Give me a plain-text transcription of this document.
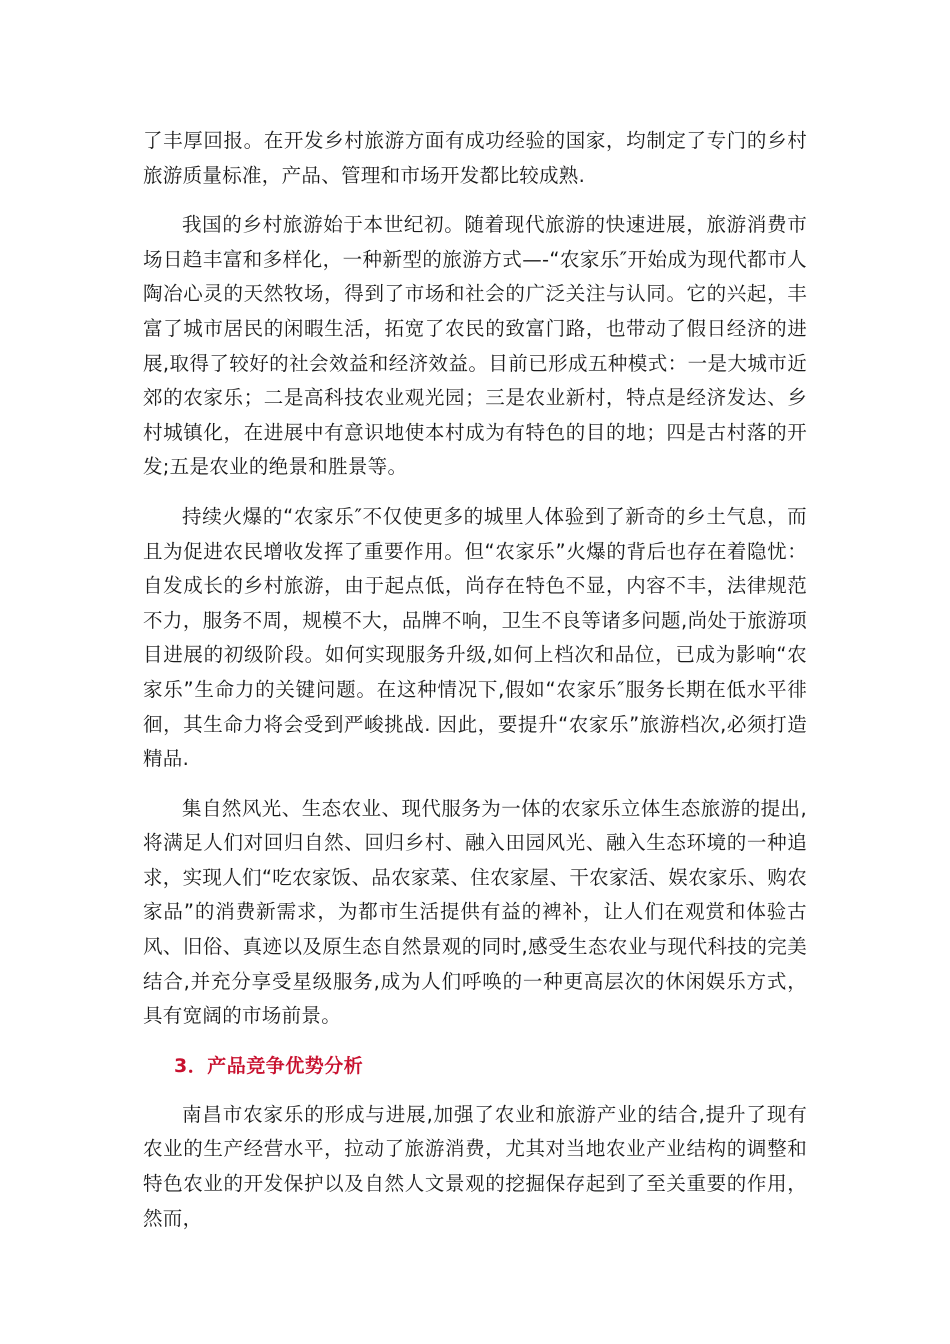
了丰厚回报。在开发乡村旅游方面有成功经验的国家，均制定了专门的乡村旅游质量标准，产品、管理和市场开发都比较成熟.

我国的乡村旅游始于本世纪初。随着现代旅游的快速进展，旅游消费市场日趋丰富和多样化，一种新型的旅游方式—-“农家乐″开始成为现代都市人陶冶心灵的天然牧场，得到了市场和社会的广泛关注与认同。它的兴起，丰富了城市居民的闲暇生活，拓宽了农民的致富门路，也带动了假日经济的进展,取得了较好的社会效益和经济效益。目前已形成五种模式：一是大城市近郊的农家乐；二是高科技农业观光园；三是农业新村，特点是经济发达、乡村城镇化，在进展中有意识地使本村成为有特色的目的地；四是古村落的开发;五是农业的绝景和胜景等。

持续火爆的“农家乐″不仅使更多的城里人体验到了新奇的乡土气息，而且为促进农民增收发挥了重要作用。但“农家乐”火爆的背后也存在着隐忧：自发成长的乡村旅游，由于起点低，尚存在特色不显，内容不丰，法律规范不力，服务不周，规模不大，品牌不响，卫生不良等诸多问题,尚处于旅游项目进展的初级阶段。如何实现服务升级,如何上档次和品位，已成为影响“农家乐”生命力的关键问题。在这种情况下,假如“农家乐″服务长期在低水平徘徊，其生命力将会受到严峻挑战. 因此，要提升“农家乐”旅游档次,必须打造精品.

集自然风光、生态农业、现代服务为一体的农家乐立体生态旅游的提出,将满足人们对回归自然、回归乡村、融入田园风光、融入生态环境的一种追求，实现人们“吃农家饭、品农家菜、住农家屋、干农家活、娱农家乐、购农家品”的消费新需求，为都市生活提供有益的裨补，让人们在观赏和体验古风、旧俗、真迹以及原生态自然景观的同时,感受生态农业与现代科技的完美结合,并充分享受星级服务,成为人们呼唤的一种更高层次的休闲娱乐方式，具有宽阔的市场前景。

3．产品竞争优势分析

南昌市农家乐的形成与进展,加强了农业和旅游产业的结合,提升了现有农业的生产经营水平，拉动了旅游消费，尤其对当地农业产业结构的调整和特色农业的开发保护以及自然人文景观的挖掘保存起到了至关重要的作用，然而，
